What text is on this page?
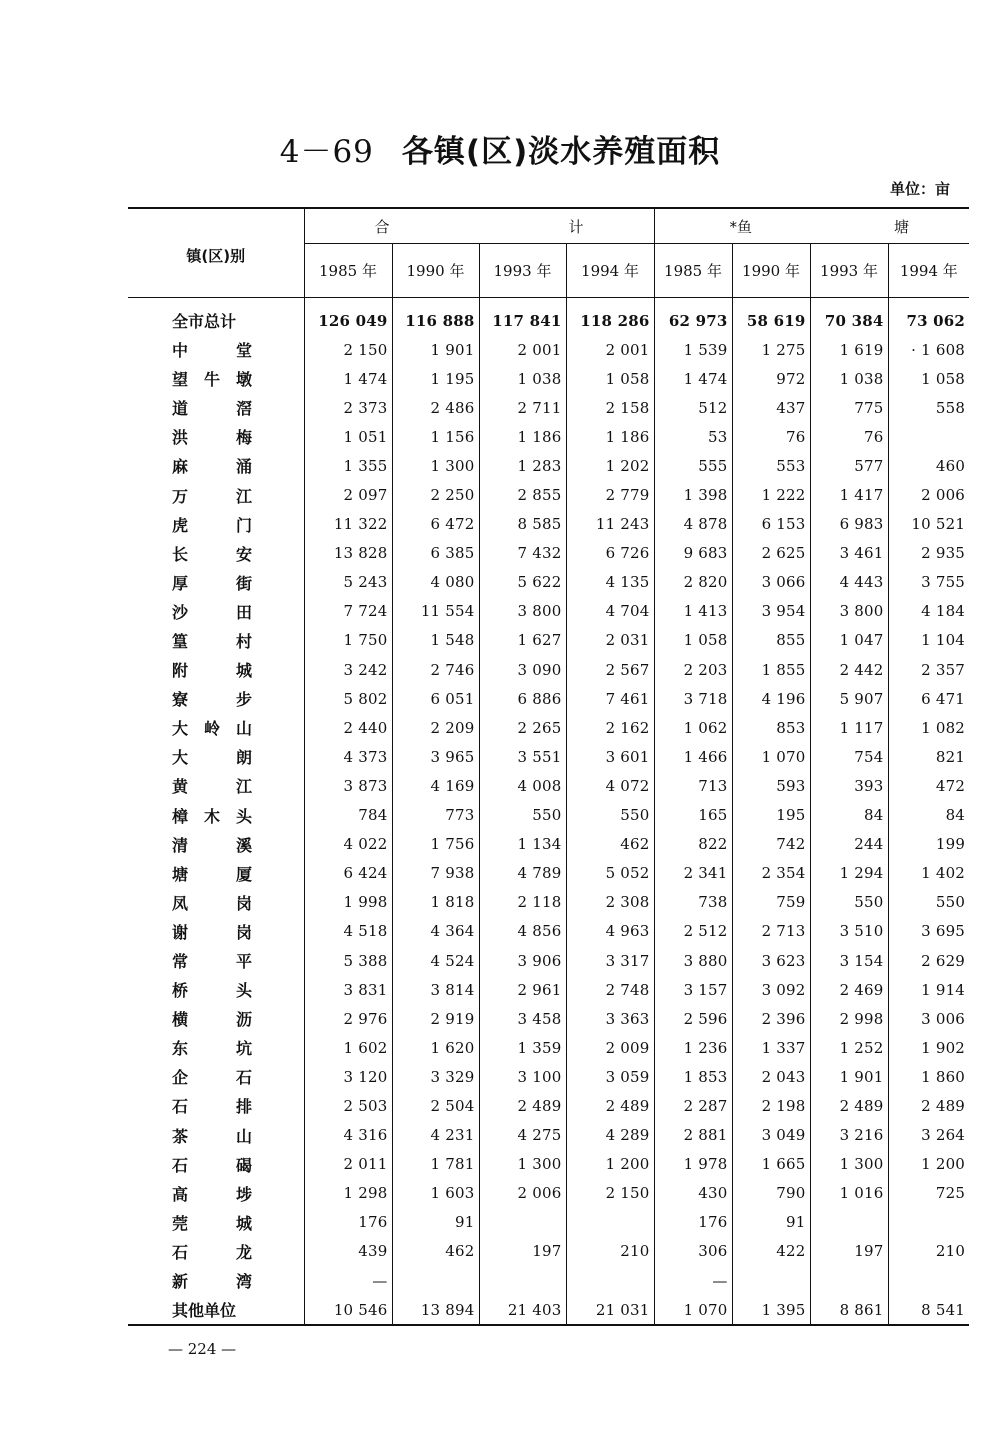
4－69 各镇(区)淡水养殖面积
单位：亩
镇(区)别	合 计				*鱼 塘			

	1985 年	1990 年	1993 年	1994 年	1985 年	1990 年	1993 年	1994 年
全市总计	126 049	116 888	117 841	118 286	62 973	58 619	70 384	73 062
中　　　堂	2 150	1 901	2 001	2 001	1 539	1 275	1 619	· 1 608
望　牛　墩	1 474	1 195	1 038	1 058	1 474	972	1 038	1 058
道　　　滘	2 373	2 486	2 711	2 158	512	437	775	558
洪　　　梅	1 051	1 156	1 186	1 186	53	76	76	
麻　　　涌	1 355	1 300	1 283	1 202	555	553	577	460
万　　　江	2 097	2 250	2 855	2 779	1 398	1 222	1 417	2 006
虎　　　门	11 322	6 472	8 585	11 243	4 878	6 153	6 983	10 521
长　　　安	13 828	6 385	7 432	6 726	9 683	2 625	3 461	2 935
厚　　　街	5 243	4 080	5 622	4 135	2 820	3 066	4 443	3 755
沙　　　田	7 724	11 554	3 800	4 704	1 413	3 954	3 800	4 184
篁　　　村	1 750	1 548	1 627	2 031	1 058	855	1 047	1 104
附　　　城	3 242	2 746	3 090	2 567	2 203	1 855	2 442	2 357
寮　　　步	5 802	6 051	6 886	7 461	3 718	4 196	5 907	6 471
大　岭　山	2 440	2 209	2 265	2 162	1 062	853	1 117	1 082
大　　　朗	4 373	3 965	3 551	3 601	1 466	1 070	754	821
黄　　　江	3 873	4 169	4 008	4 072	713	593	393	472
樟　木　头	784	773	550	550	165	195	84	84
清　　　溪	4 022	1 756	1 134	462	822	742	244	199
塘　　　厦	6 424	7 938	4 789	5 052	2 341	2 354	1 294	1 402
凤　　　岗	1 998	1 818	2 118	2 308	738	759	550	550
谢　　　岗	4 518	4 364	4 856	4 963	2 512	2 713	3 510	3 695
常　　　平	5 388	4 524	3 906	3 317	3 880	3 623	3 154	2 629
桥　　　头	3 831	3 814	2 961	2 748	3 157	3 092	2 469	1 914
横　　　沥	2 976	2 919	3 458	3 363	2 596	2 396	2 998	3 006
东　　　坑	1 602	1 620	1 359	2 009	1 236	1 337	1 252	1 902
企　　　石	3 120	3 329	3 100	3 059	1 853	2 043	1 901	1 860
石　　　排	2 503	2 504	2 489	2 489	2 287	2 198	2 489	2 489
茶　　　山	4 316	4 231	4 275	4 289	2 881	3 049	3 216	3 264
石　　　碣	2 011	1 781	1 300	1 200	1 978	1 665	1 300	1 200
高　　　埗	1 298	1 603	2 006	2 150	430	790	1 016	725
莞　　　城	176	91			176	91		
石　　　龙	439	462	197	210	306	422	197	210
新　　　湾	—				—			
其他单位	10 546	13 894	21 403	21 031	1 070	1 395	8 861	8 541
— 224 —
